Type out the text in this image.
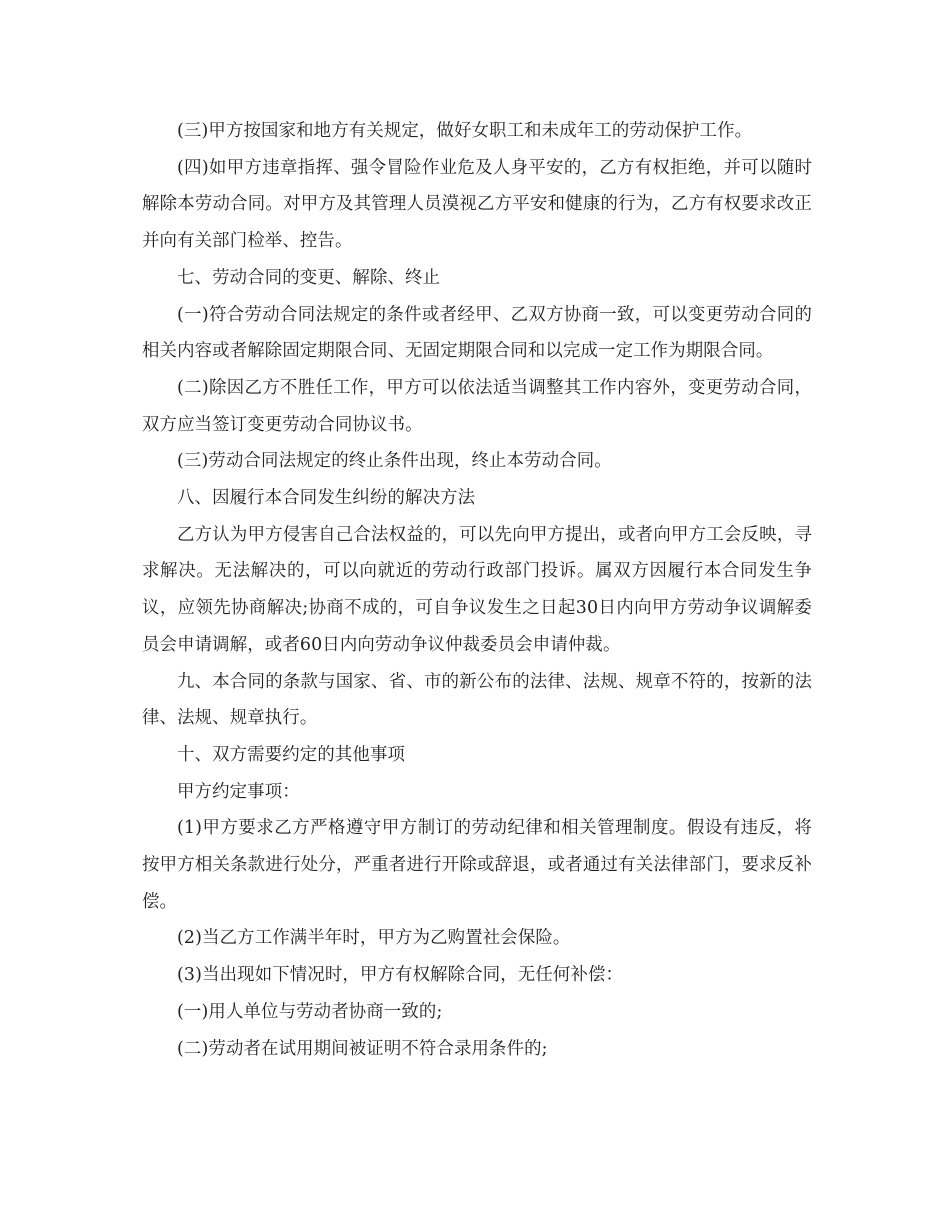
(三)甲方按国家和地方有关规定，做好女职工和未成年工的劳动保护工作。

(四)如甲方违章指挥、强令冒险作业危及人身平安的，乙方有权拒绝，并可以随时解除本劳动合同。对甲方及其管理人员漠视乙方平安和健康的行为，乙方有权要求改正并向有关部门检举、控告。

七、劳动合同的变更、解除、终止

(一)符合劳动合同法规定的条件或者经甲、乙双方协商一致，可以变更劳动合同的相关内容或者解除固定期限合同、无固定期限合同和以完成一定工作为期限合同。

(二)除因乙方不胜任工作，甲方可以依法适当调整其工作内容外，变更劳动合同，双方应当签订变更劳动合同协议书。

(三)劳动合同法规定的终止条件出现，终止本劳动合同。

八、因履行本合同发生纠纷的解决方法

乙方认为甲方侵害自己合法权益的，可以先向甲方提出，或者向甲方工会反映，寻求解决。无法解决的，可以向就近的劳动行政部门投诉。属双方因履行本合同发生争议，应领先协商解决;协商不成的，可自争议发生之日起30日内向甲方劳动争议调解委员会申请调解，或者60日内向劳动争议仲裁委员会申请仲裁。

九、本合同的条款与国家、省、市的新公布的法律、法规、规章不符的，按新的法律、法规、规章执行。

十、双方需要约定的其他事项

甲方约定事项：

(1)甲方要求乙方严格遵守甲方制订的劳动纪律和相关管理制度。假设有违反，将按甲方相关条款进行处分，严重者进行开除或辞退，或者通过有关法律部门，要求反补偿。

(2)当乙方工作满半年时，甲方为乙购置社会保险。

(3)当出现如下情况时，甲方有权解除合同，无任何补偿：

(一)用人单位与劳动者协商一致的;

(二)劳动者在试用期间被证明不符合录用条件的;
